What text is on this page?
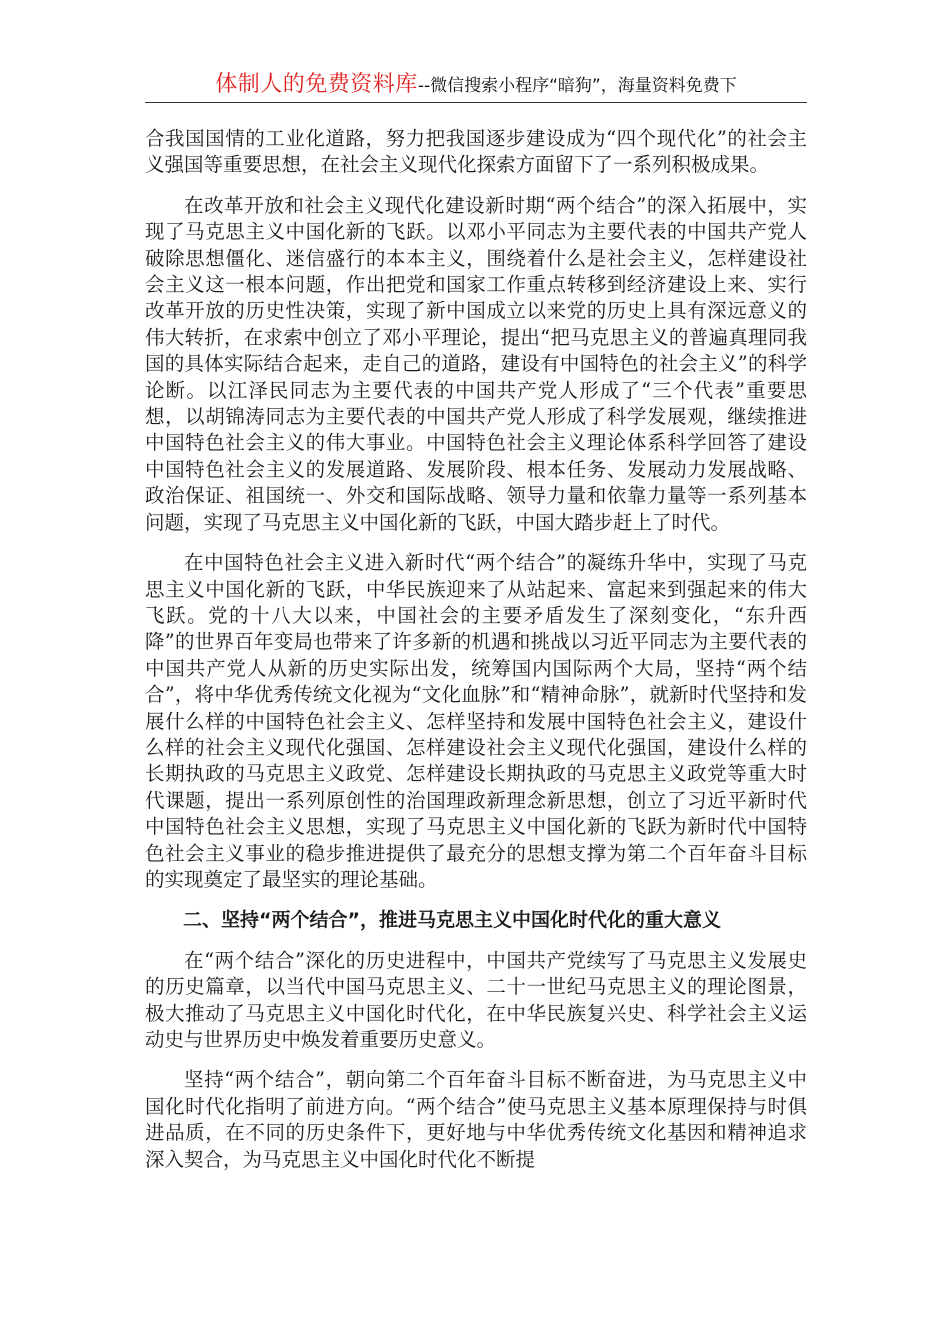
体制人的免费资料库--微信搜索小程序“暗狗”，海量资料免费下

合我国国情的工业化道路，努力把我国逐步建设成为“四个现代化”的社会主义强国等重要思想，在社会主义现代化探索方面留下了一系列积极成果。

在改革开放和社会主义现代化建设新时期“两个结合”的深入拓展中，实现了马克思主义中国化新的飞跃。以邓小平同志为主要代表的中国共产党人破除思想僵化、迷信盛行的本本主义，围绕着什么是社会主义，怎样建设社会主义这一根本问题，作出把党和国家工作重点转移到经济建设上来、实行改革开放的历史性决策，实现了新中国成立以来党的历史上具有深远意义的伟大转折，在求索中创立了邓小平理论，提出“把马克思主义的普遍真理同我国的具体实际结合起来，走自己的道路，建设有中国特色的社会主义”的科学论断。以江泽民同志为主要代表的中国共产党人形成了“三个代表”重要思想，以胡锦涛同志为主要代表的中国共产党人形成了科学发展观，继续推进中国特色社会主义的伟大事业。中国特色社会主义理论体系科学回答了建设中国特色社会主义的发展道路、发展阶段、根本任务、发展动力发展战略、政治保证、祖国统一、外交和国际战略、领导力量和依靠力量等一系列基本问题，实现了马克思主义中国化新的飞跃，中国大踏步赶上了时代。

在中国特色社会主义进入新时代“两个结合”的凝练升华中，实现了马克思主义中国化新的飞跃，中华民族迎来了从站起来、富起来到强起来的伟大飞跃。党的十八大以来，中国社会的主要矛盾发生了深刻变化，“东升西降”的世界百年变局也带来了许多新的机遇和挑战以习近平同志为主要代表的中国共产党人从新的历史实际出发，统筹国内国际两个大局，坚持“两个结合”，将中华优秀传统文化视为“文化血脉”和“精神命脉”，就新时代坚持和发展什么样的中国特色社会主义、怎样坚持和发展中国特色社会主义，建设什么样的社会主义现代化强国、怎样建设社会主义现代化强国，建设什么样的长期执政的马克思主义政党、怎样建设长期执政的马克思主义政党等重大时代课题，提出一系列原创性的治国理政新理念新思想，创立了习近平新时代中国特色社会主义思想，实现了马克思主义中国化新的飞跃为新时代中国特色社会主义事业的稳步推进提供了最充分的思想支撑为第二个百年奋斗目标的实现奠定了最坚实的理论基础。

二、坚持“两个结合”，推进马克思主义中国化时代化的重大意义

在“两个结合”深化的历史进程中，中国共产党续写了马克思主义发展史的历史篇章，以当代中国马克思主义、二十一世纪马克思主义的理论图景，极大推动了马克思主义中国化时代化，在中华民族复兴史、科学社会主义运动史与世界历史中焕发着重要历史意义。

坚持“两个结合”，朝向第二个百年奋斗目标不断奋进，为马克思主义中国化时代化指明了前进方向。“两个结合”使马克思主义基本原理保持与时俱进品质，在不同的历史条件下，更好地与中华优秀传统文化基因和精神追求深入契合，为马克思主义中国化时代化不断提
